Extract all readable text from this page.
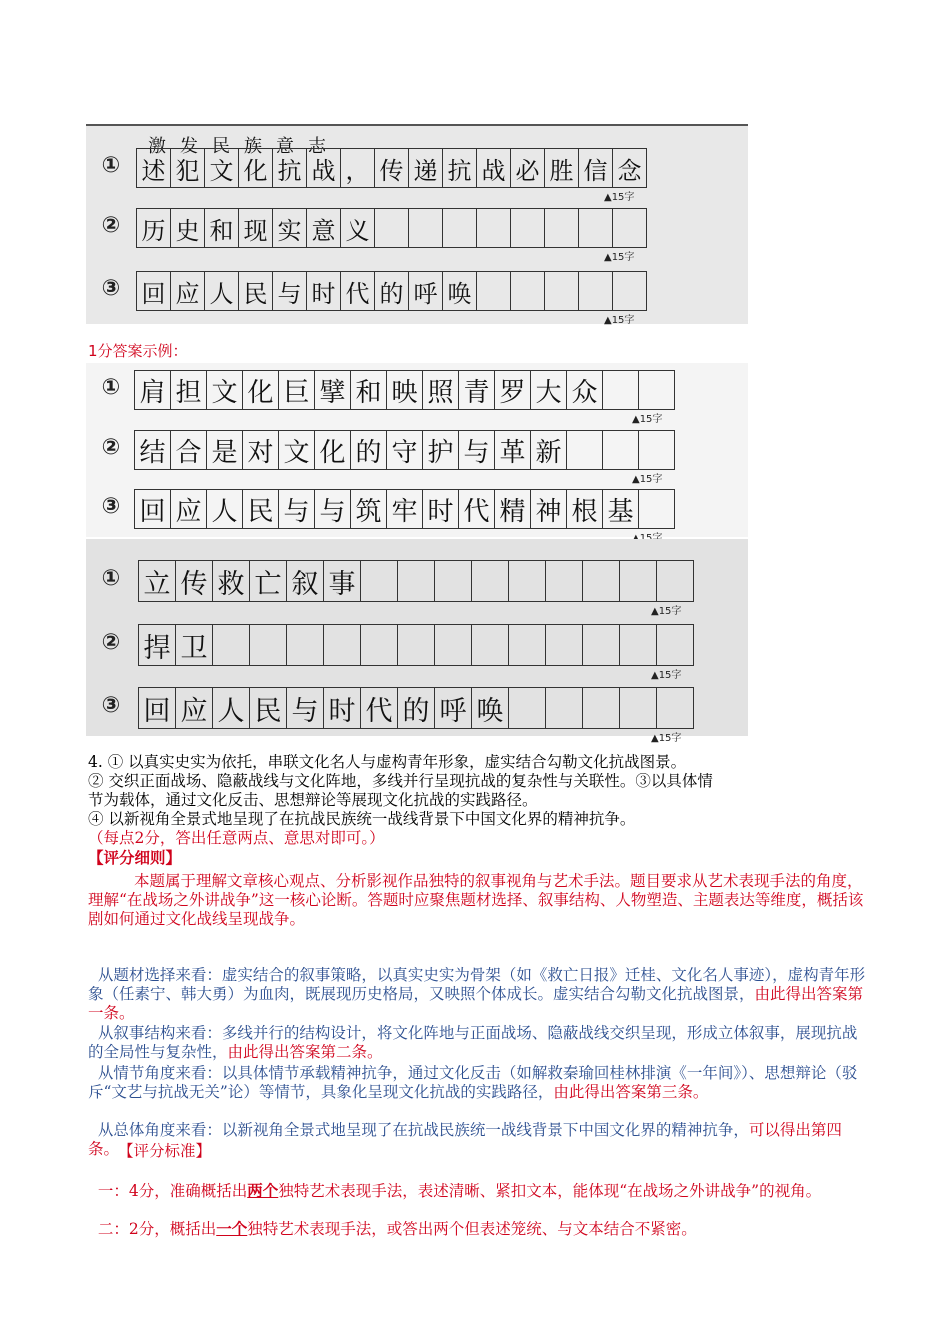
激发民族意志
① 述 犯 文 化 抗 战 ， 传 递 抗 战 必 胜 信 念
▲15字
② 历 史 和 现 实 意 义
▲15字
③ 回 应 人 民 与 时 代 的 呼 唤
▲15字
1分答案示例：
① 肩 担 文 化 巨 擘 和 映 照 青 罗 大 众
▲15字
② 结 合 是 对 文 化 的 守 护 与 革 新
▲15字
③ 回 应 人 民 与 与 筑 牢 时 代 精 神 根 基
① 立 传 救 亡 叙 事
▲15字
② 捍 卫
▲15字
③ 回 应 人 民 与 时 代 的 呼 唤
▲15字
4. ① 以真实史实为依托，串联文化名人与虚构青年形象，虚实结合勾勒文化抗战图景。
② 交织正面战场、隐蔽战线与文化阵地，多线并行呈现抗战的复杂性与关联性。③以具体情
节为载体，通过文化反击、思想辩论等展现文化抗战的实践路径。
④ 以新视角全景式地呈现了在抗战民族统一战线背景下中国文化界的精神抗争。
（每点2分，答出任意两点、意思对即可。）
【评分细则】
本题属于理解文章核心观点、分析影视作品独特的叙事视角与艺术手法。题目要求从艺术表现手法的角度，理解“在战场之外讲战争”这一核心论断。答题时应聚焦题材选择、叙事结构、人物塑造、主题表达等维度，概括该剧如何通过文化战线呈现战争。

从题材选择来看：虚实结合的叙事策略，以真实史实为骨架（如《救亡日报》迁桂、文化名人事迹），虚构青年形象（任素宁、韩大勇）为血肉，既展现历史格局，又映照个体成长。虚实结合勾勒文化抗战图景，由此得出答案第一条。

从叙事结构来看：多线并行的结构设计，将文化阵地与正面战场、隐蔽战线交织呈现，形成立体叙事，展现抗战的全局性与复杂性，由此得出答案第二条。

从情节角度来看：以具体情节承载精神抗争，通过文化反击（如解救秦瑜回桂林排演《一年间》）、思想辩论（驳斥“文艺与抗战无关”论）等情节，具象化呈现文化抗战的实践路径，由此得出答案第三条。

从总体角度来看：以新视角全景式地呈现了在抗战民族统一战线背景下中国文化界的精神抗争，可以得出第四条。

【评分标准】

一：4分，准确概括出两个独特艺术表现手法，表述清晰、紧扣文本，能体现“在战场之外讲战争”的视角。

二：2分，概括出一个独特艺术表现手法，或答出两个但表述笼统、与文本结合不紧密。
